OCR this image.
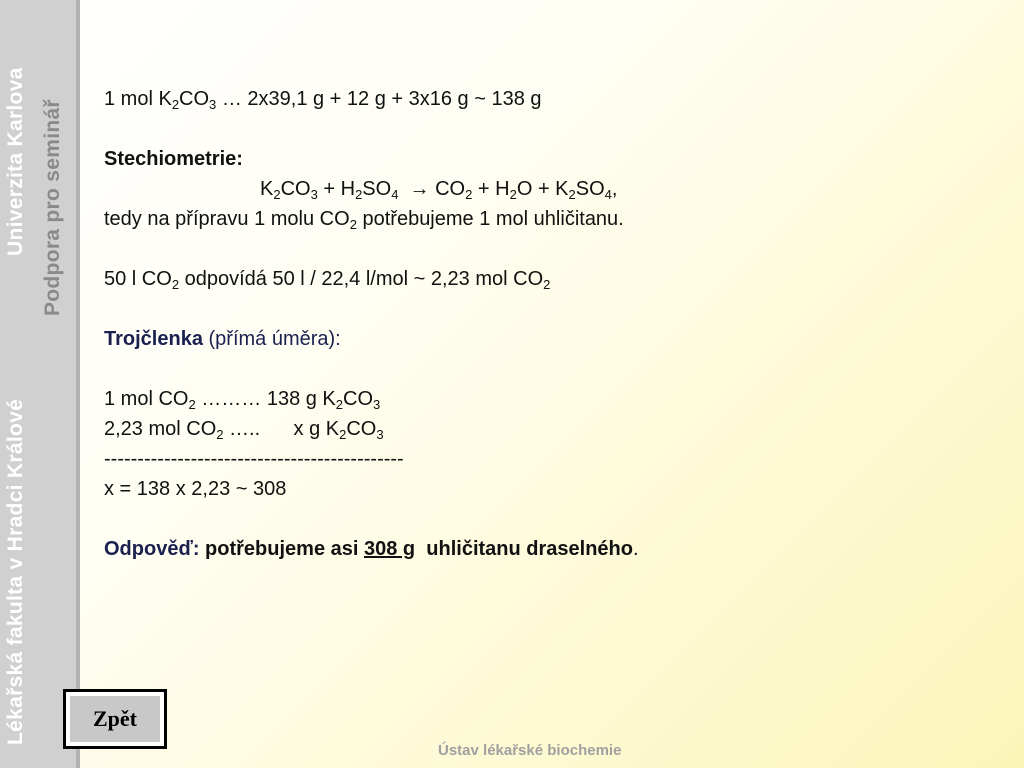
Univerzita Karlova Podpora pro seminář
Lékařská fakulta v Hradci Králové
1 mol $K_2CO_3$ … 2x39,1 g + 12 g + 3x16 g ~ 138 g
Stechiometrie:
$K_2CO_3 + H_2SO_4 \to CO_2 + H_2O + K_2SO_4$,
tedy na přípravu 1 molu $CO_2$ potřebujeme 1 mol uhličitanu.
50 l $CO_2$ odpovídá 50 l / 22,4 l/mol ~ 2,23 mol $CO_2$
Trojčlenka (přímá úměra):
1 mol $CO_2$ ……… 138 g $K_2CO_3$
2,23 mol $CO_2$ …..      x g $K_2CO_3$
---------------------------------------------
x = 138 x 2,23 ~ 308
Odpověď: potřebujeme asi 308 g  uhličitanu draselného.
Zpět
Ústav lékařské biochemie
